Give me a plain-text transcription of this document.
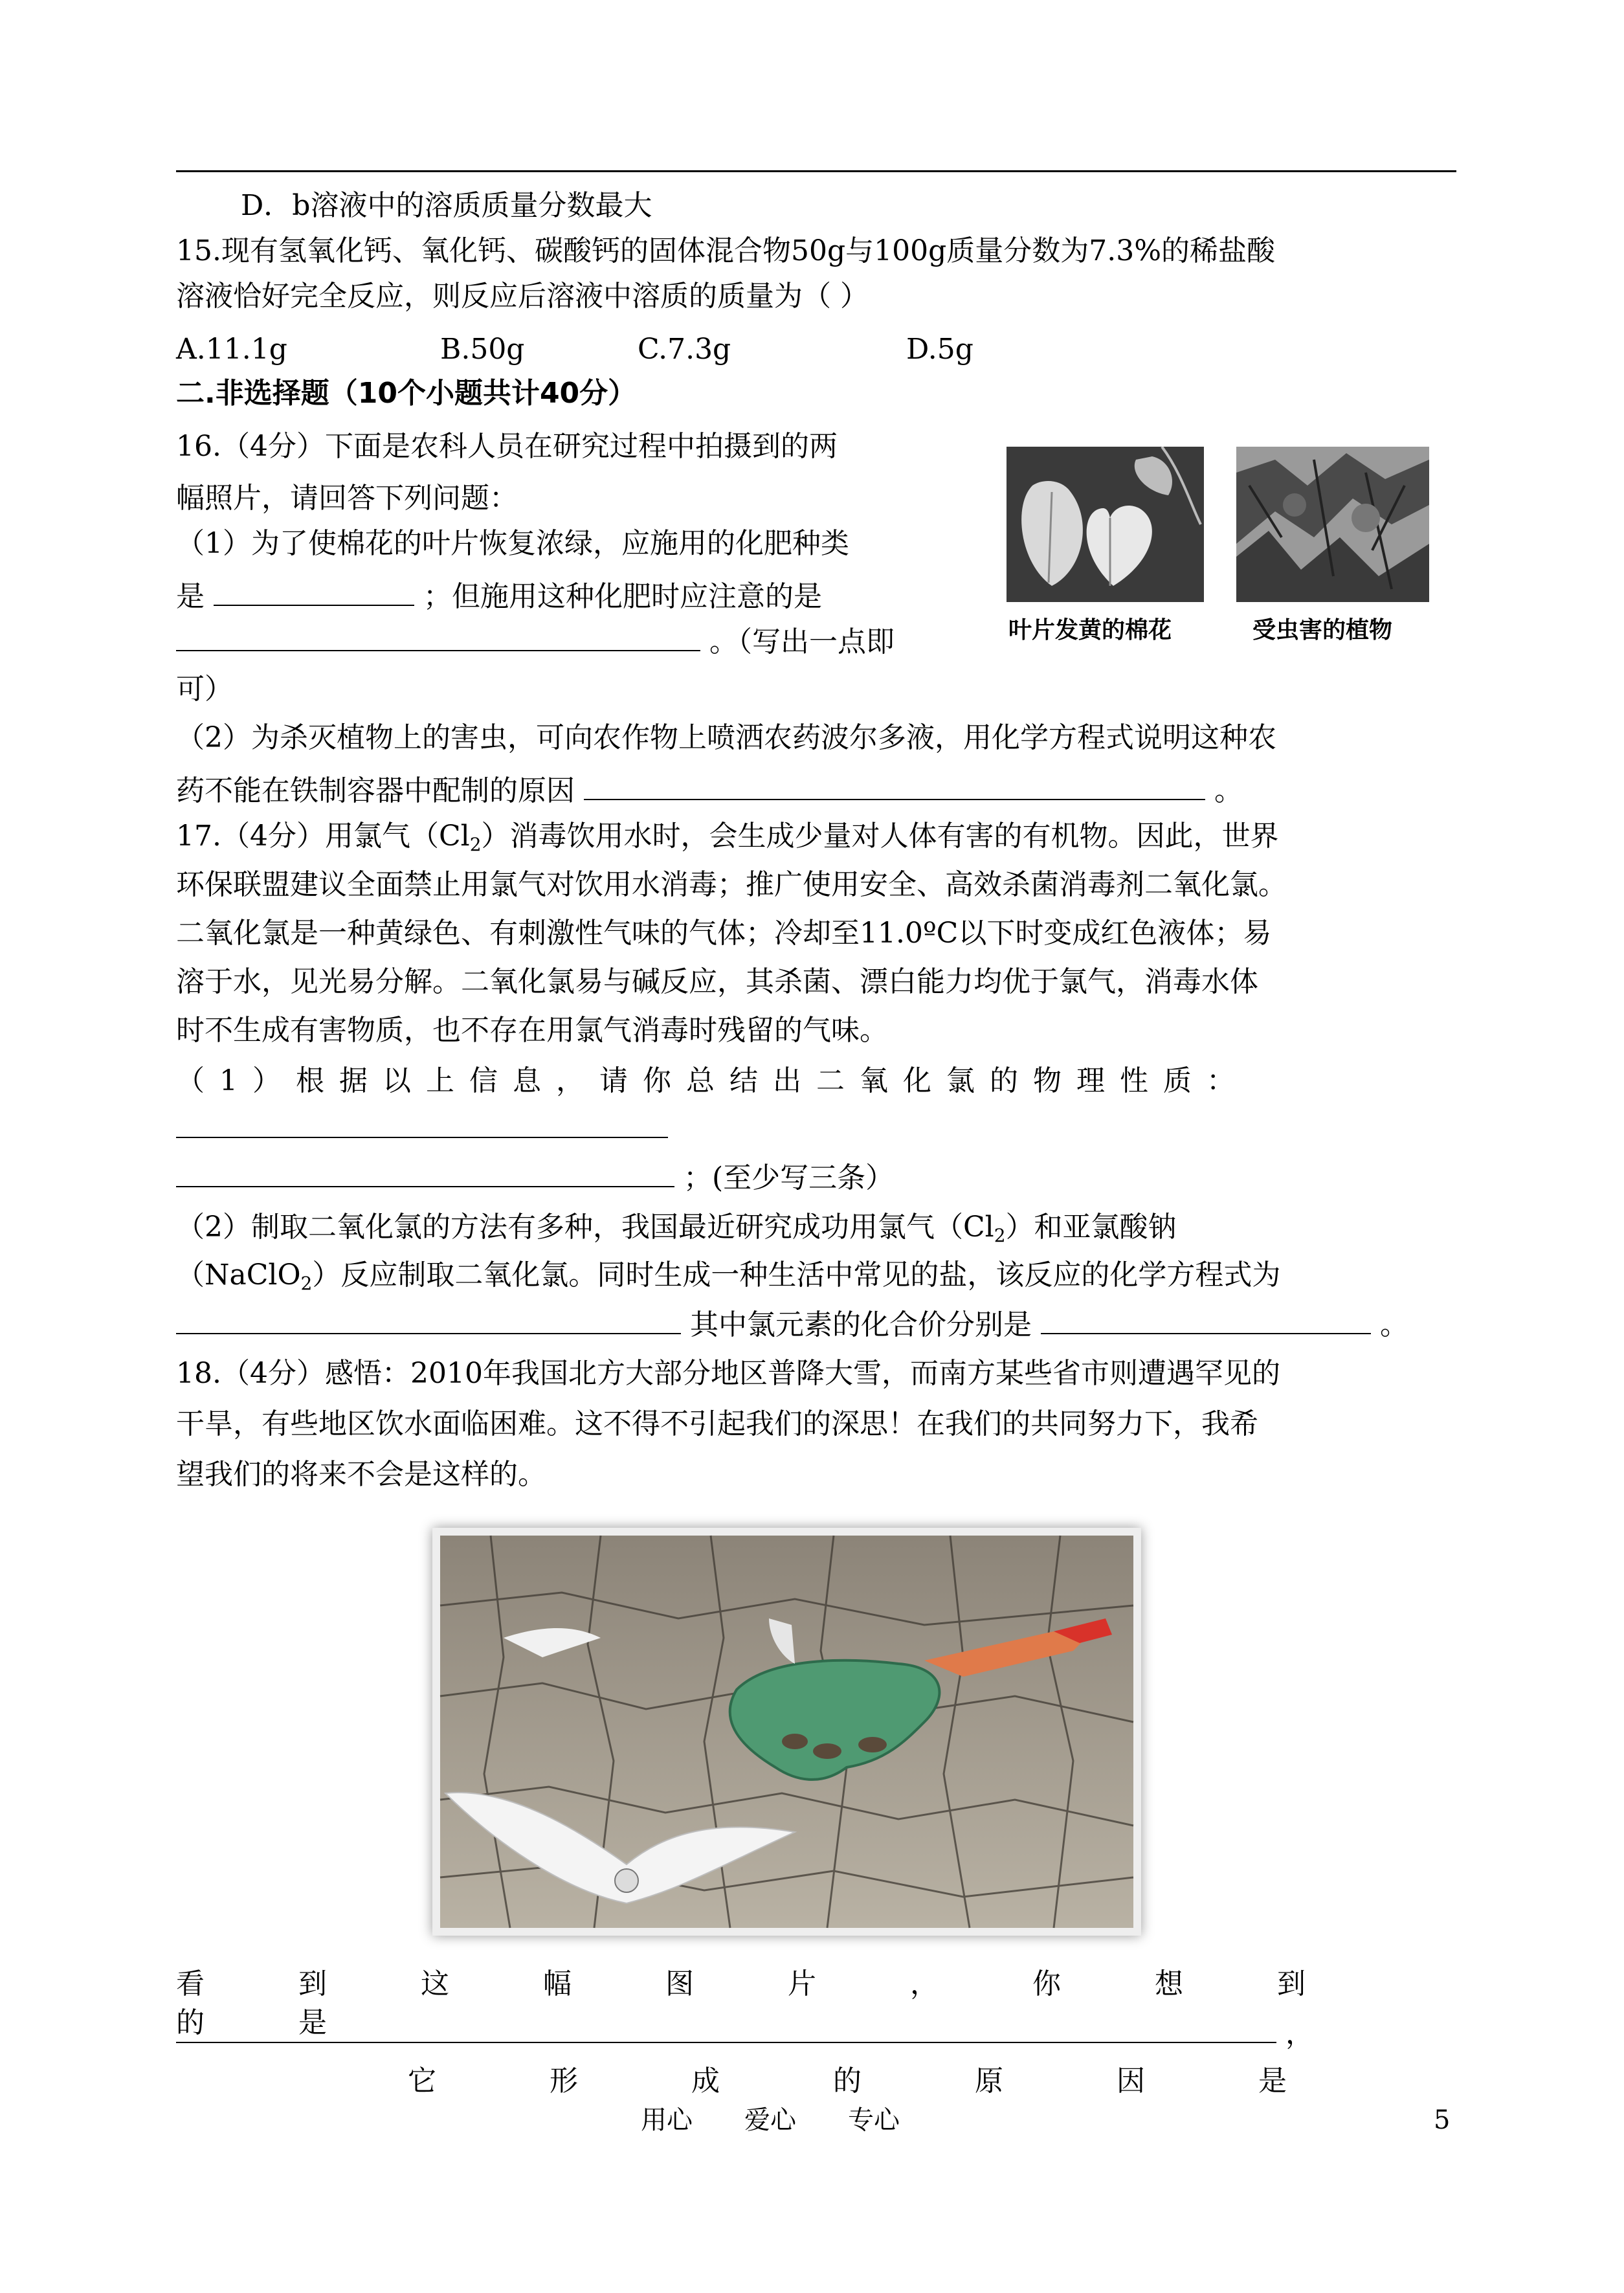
D．b溶液中的溶质质量分数最大
15.现有氢氧化钙、氧化钙、碳酸钙的固体混合物50g与100g质量分数为7.3%的稀盐酸
溶液恰好完全反应，则反应后溶液中溶质的质量为（ ）
A.11.1g	B.50g	C.7.3g	D.5g
二.非选择题（10个小题共计40分）
16.（4分）下面是农科人员在研究过程中拍摄到的两
幅照片，请回答下列问题：
（1）为了使棉花的叶片恢复浓绿，应施用的化肥种类
是	；但施用这种化肥时应注意的是
。（写出一点即
可）
（2）为杀灭植物上的害虫，可向农作物上喷洒农药波尔多液，用化学方程式说明这种农
药不能在铁制容器中配制的原因	。
叶片发黄的棉花	受虫害的植物
17.（4分）用氯气$(Cl_2)$消毒饮用水时，会生成少量对人体有害的有机物。因此，世界
环保联盟建议全面禁止用氯气对饮用水消毒；推广使用安全、高效杀菌消毒剂二氧化氯。
二氧化氯是一种黄绿色、有刺激性气味的气体；冷却至11.0ºC以下时变成红色液体；易
溶于水，见光易分解。二氧化氯易与碱反应，其杀菌、漂白能力均优于氯气，消毒水体
时不生成有害物质，也不存在用氯气消毒时残留的气味。
（1）根据以上信息，请你总结出二氧化氯的物理性质：
；(至少写三条）
（2）制取二氧化氯的方法有多种，我国最近研究成功用氯气$(Cl_2)$和亚氯酸钠
（NaClO$_2$）反应制取二氧化氯。同时生成一种生活中常见的盐，该反应的化学方程式为
其中氯元素的化合价分别是	。
18.（4分）感悟：2010年我国北方大部分地区普降大雪，而南方某些省市则遭遇罕见的
干旱，有些地区饮水面临困难。这不得不引起我们的深思！在我们的共同努力下，我希
望我们的将来不会是这样的。
看到这幅图片，你想到的是	，
它形成的原因是
用心　　爱心　　专心	5
